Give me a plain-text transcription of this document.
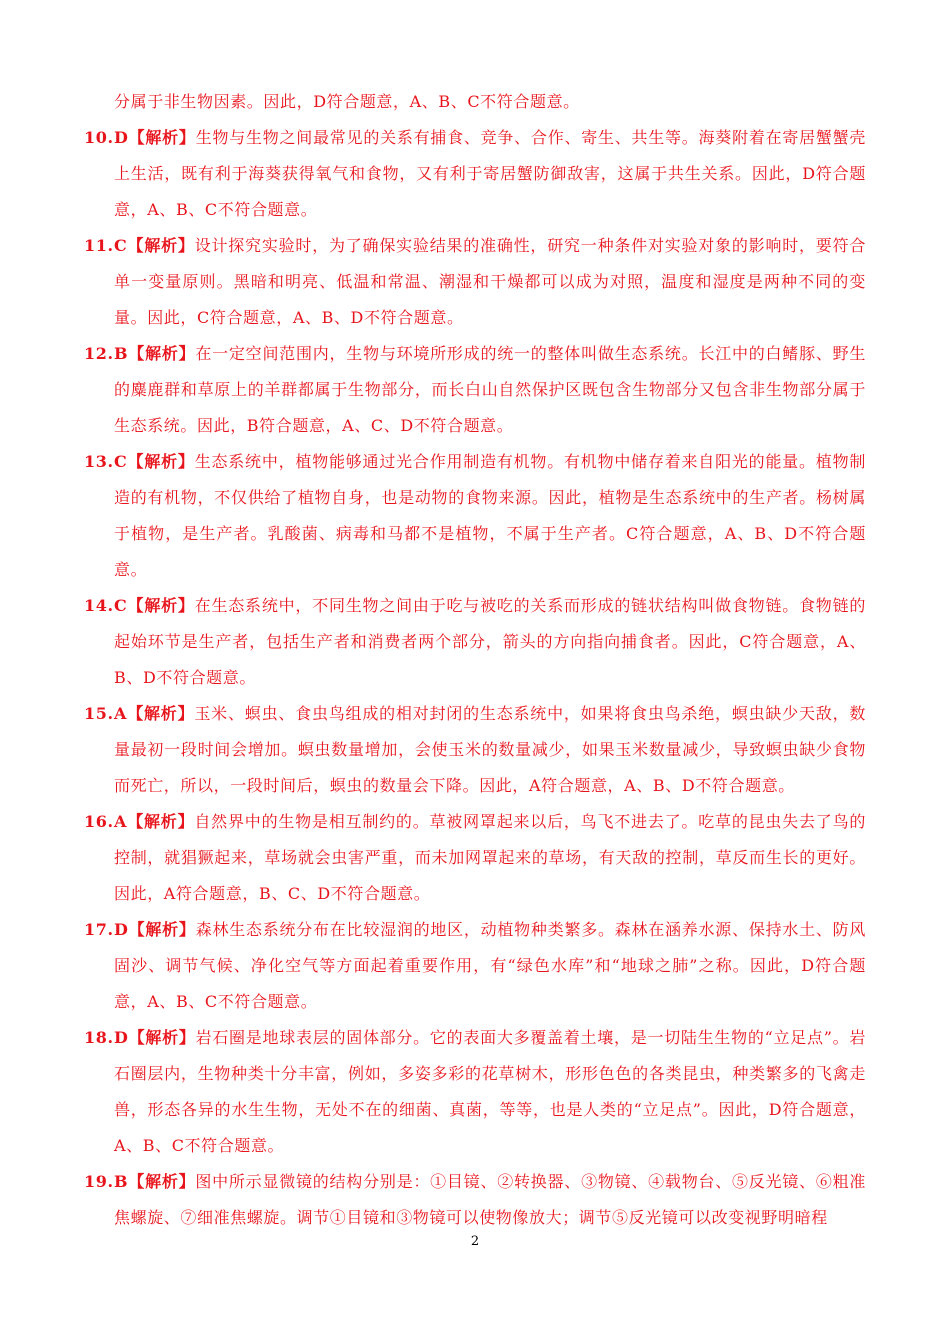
分属于非生物因素。因此，D符合题意，A、B、C不符合题意。

10. D【解析】生物与生物之间最常见的关系有捕食、竞争、合作、寄生、共生等。海葵附着在寄居蟹蟹壳上生活，既有利于海葵获得氧气和食物，又有利于寄居蟹防御敌害，这属于共生关系。因此，D符合题意，A、B、C不符合题意。

11. C【解析】设计探究实验时，为了确保实验结果的准确性，研究一种条件对实验对象的影响时，要符合单一变量原则。黑暗和明亮、低温和常温、潮湿和干燥都可以成为对照，温度和湿度是两种不同的变量。因此，C符合题意，A、B、D不符合题意。

12. B【解析】在一定空间范围内，生物与环境所形成的统一的整体叫做生态系统。长江中的白鳍豚、野生的麋鹿群和草原上的羊群都属于生物部分，而长白山自然保护区既包含生物部分又包含非生物部分属于生态系统。因此，B符合题意，A、C、D不符合题意。

13. C【解析】生态系统中，植物能够通过光合作用制造有机物。有机物中储存着来自阳光的能量。植物制造的有机物，不仅供给了植物自身，也是动物的食物来源。因此，植物是生态系统中的生产者。杨树属于植物，是生产者。乳酸菌、病毒和马都不是植物，不属于生产者。C符合题意，A、B、D不符合题意。

14. C【解析】在生态系统中，不同生物之间由于吃与被吃的关系而形成的链状结构叫做食物链。食物链的起始环节是生产者，包括生产者和消费者两个部分，箭头的方向指向捕食者。因此，C符合题意，A、B、D不符合题意。

15. A【解析】玉米、螟虫、食虫鸟组成的相对封闭的生态系统中，如果将食虫鸟杀绝，螟虫缺少天敌，数量最初一段时间会增加。螟虫数量增加，会使玉米的数量减少，如果玉米数量减少，导致螟虫缺少食物而死亡，所以，一段时间后，螟虫的数量会下降。因此，A符合题意，A、B、D不符合题意。

16. A【解析】自然界中的生物是相互制约的。草被网罩起来以后，鸟飞不进去了。吃草的昆虫失去了鸟的控制，就猖獗起来，草场就会虫害严重，而未加网罩起来的草场，有天敌的控制，草反而生长的更好。因此，A符合题意，B、C、D不符合题意。

17. D【解析】森林生态系统分布在比较湿润的地区，动植物种类繁多。森林在涵养水源、保持水土、防风固沙、调节气候、净化空气等方面起着重要作用，有“绿色水库”和“地球之肺”之称。因此，D符合题意，A、B、C不符合题意。

18. D【解析】岩石圈是地球表层的固体部分。它的表面大多覆盖着土壤，是一切陆生生物的“立足点”。岩石圈层内，生物种类十分丰富，例如，多姿多彩的花草树木，形形色色的各类昆虫，种类繁多的飞禽走兽，形态各异的水生生物，无处不在的细菌、真菌，等等，也是人类的“立足点”。因此，D符合题意，A、B、C不符合题意。

19. B【解析】图中所示显微镜的结构分别是：①目镜、②转换器、③物镜、④载物台、⑤反光镜、⑥粗准焦螺旋、⑦细准焦螺旋。调节①目镜和③物镜可以使物像放大；调节⑤反光镜可以改变视野明暗程

2
